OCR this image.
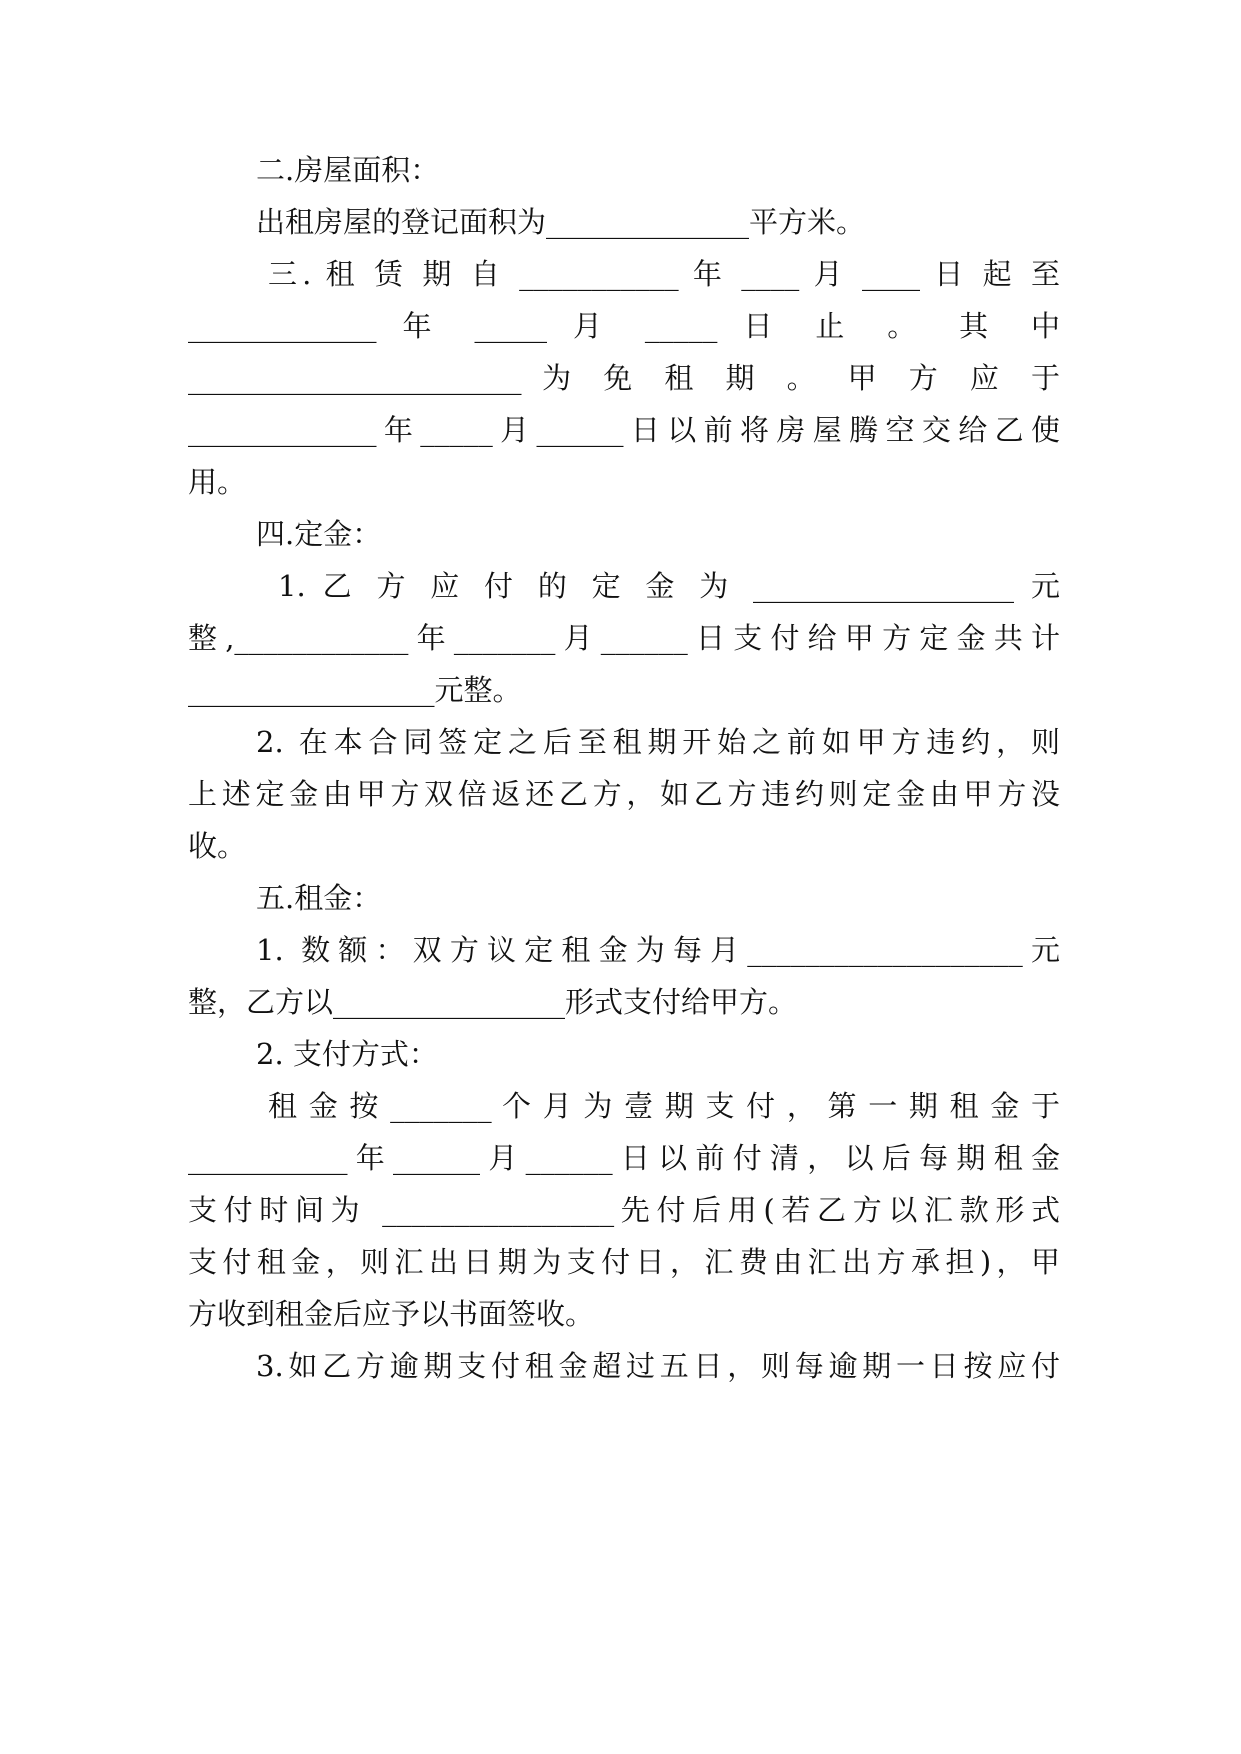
二.房屋面积：
出租房屋的登记面积为______________平方米。
三. 租 赁 期 自 ___________ 年 ____ 月 ____ 日 起 至
_____________ 年 _____ 月 _____ 日 止 。 其 中
_______________________ 为 免 租 期 。 甲 方 应 于
_____________年_____月______日以前将房屋腾空交给乙使
用。
四.定金：
1. 乙 方 应 付 的 定 金 为 __________________ 元
整,____________年_______月______日支付给甲方定金共计
_________________元整。
2. 在本合同签定之后至租期开始之前如甲方违约，则
上述定金由甲方双倍返还乙方，如乙方违约则定金由甲方没
收。
五.租金：
1. 数额：双方议定租金为每月___________________元
整，乙方以________________形式支付给甲方。
2. 支付方式：
租 金 按 _______ 个 月 为 壹 期 支 付 ， 第 一 期 租 金 于
___________年______月______日以前付清，以后每期租金
支付时间为 ________________先付后用(若乙方以汇款形式
支付租金，则汇出日期为支付日，汇费由汇出方承担)，甲
方收到租金后应予以书面签收。
3.如乙方逾期支付租金超过五日，则每逾期一日按应付
